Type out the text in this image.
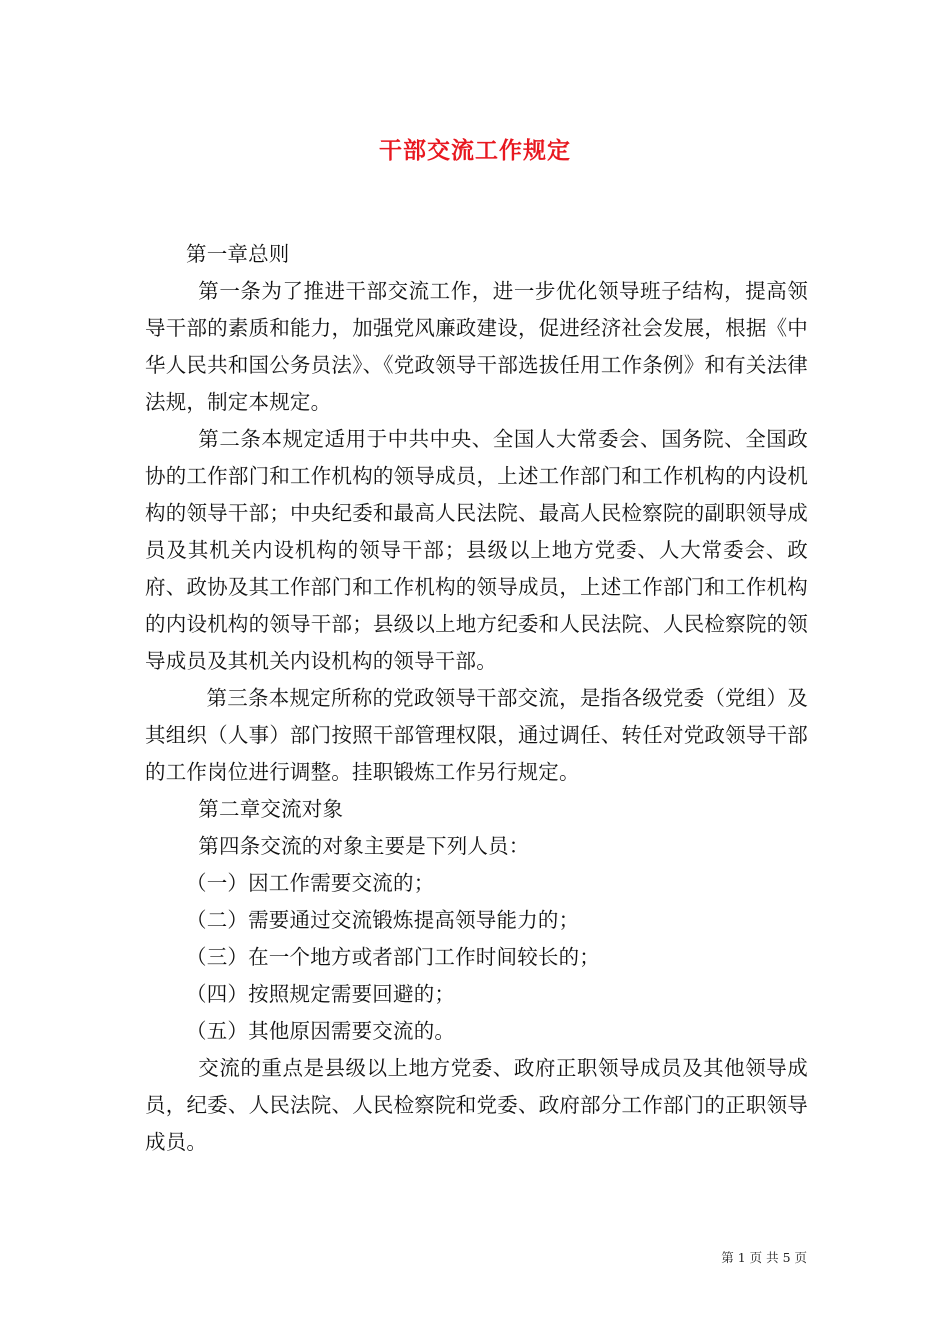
干部交流工作规定

第一章总则

第一条为了推进干部交流工作，进一步优化领导班子结构，提高领导干部的素质和能力，加强党风廉政建设，促进经济社会发展，根据《中华人民共和国公务员法》、《党政领导干部选拔任用工作条例》和有关法律法规，制定本规定。

第二条本规定适用于中共中央、全国人大常委会、国务院、全国政协的工作部门和工作机构的领导成员，上述工作部门和工作机构的内设机构的领导干部；中央纪委和最高人民法院、最高人民检察院的副职领导成员及其机关内设机构的领导干部；县级以上地方党委、人大常委会、政府、政协及其工作部门和工作机构的领导成员，上述工作部门和工作机构的内设机构的领导干部；县级以上地方纪委和人民法院、人民检察院的领导成员及其机关内设机构的领导干部。

第三条本规定所称的党政领导干部交流，是指各级党委（党组）及其组织（人事）部门按照干部管理权限，通过调任、转任对党政领导干部的工作岗位进行调整。挂职锻炼工作另行规定。

第二章交流对象

第四条交流的对象主要是下列人员：

（一）因工作需要交流的；

（二）需要通过交流锻炼提高领导能力的；

（三）在一个地方或者部门工作时间较长的；

（四）按照规定需要回避的；

（五）其他原因需要交流的。

交流的重点是县级以上地方党委、政府正职领导成员及其他领导成员，纪委、人民法院、人民检察院和党委、政府部分工作部门的正职领导成员。

第 1 页 共 5 页
